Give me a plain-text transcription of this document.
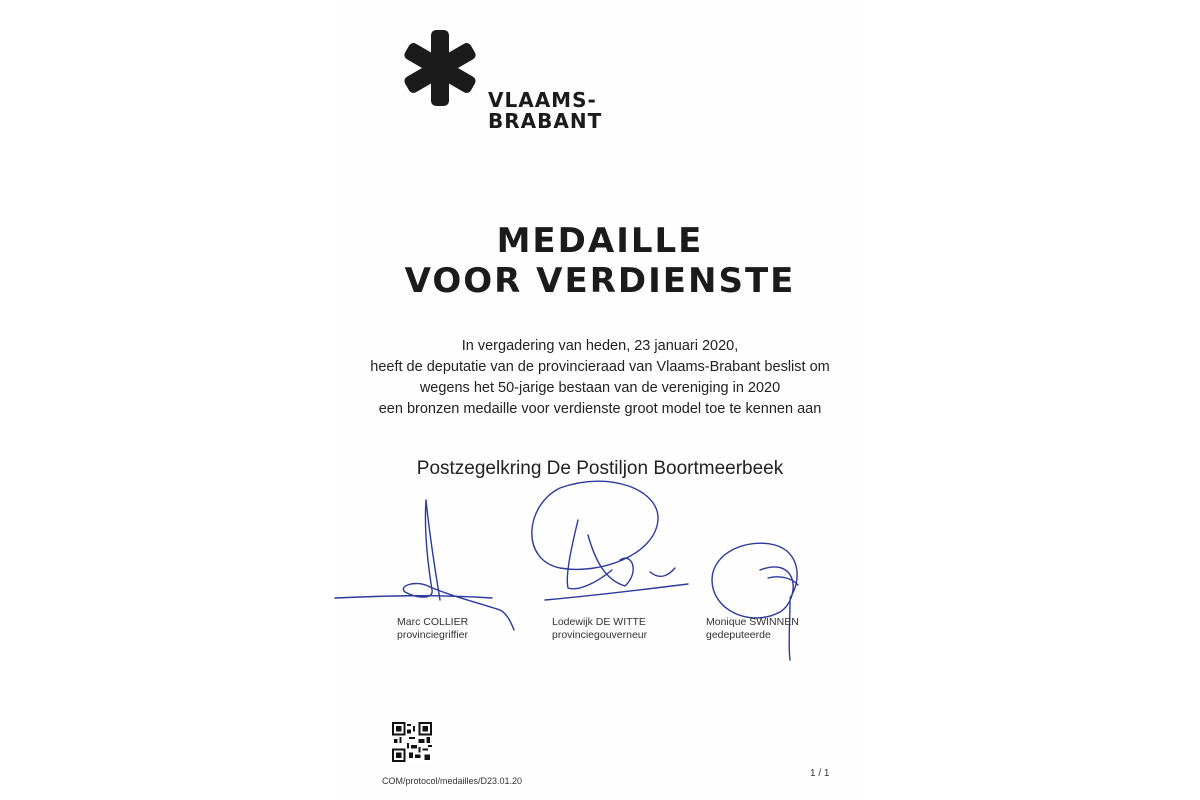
VLAAMS-
BRABANT
MEDAILLE
VOOR VERDIENSTE
In vergadering van heden, 23 januari 2020,
heeft de deputatie van de provincieraad van Vlaams-Brabant beslist om
wegens het 50-jarige bestaan van de vereniging in 2020
een bronzen medaille voor verdienste groot model toe te kennen aan
Postzegelkring De Postiljon Boortmeerbeek
Marc COLLIER
provinciegriffier
Lodewijk DE WITTE
provinciegouverneur
Monique SWINNEN
gedeputeerde
COM/protocol/medailles/D23.01.20
1 / 1
